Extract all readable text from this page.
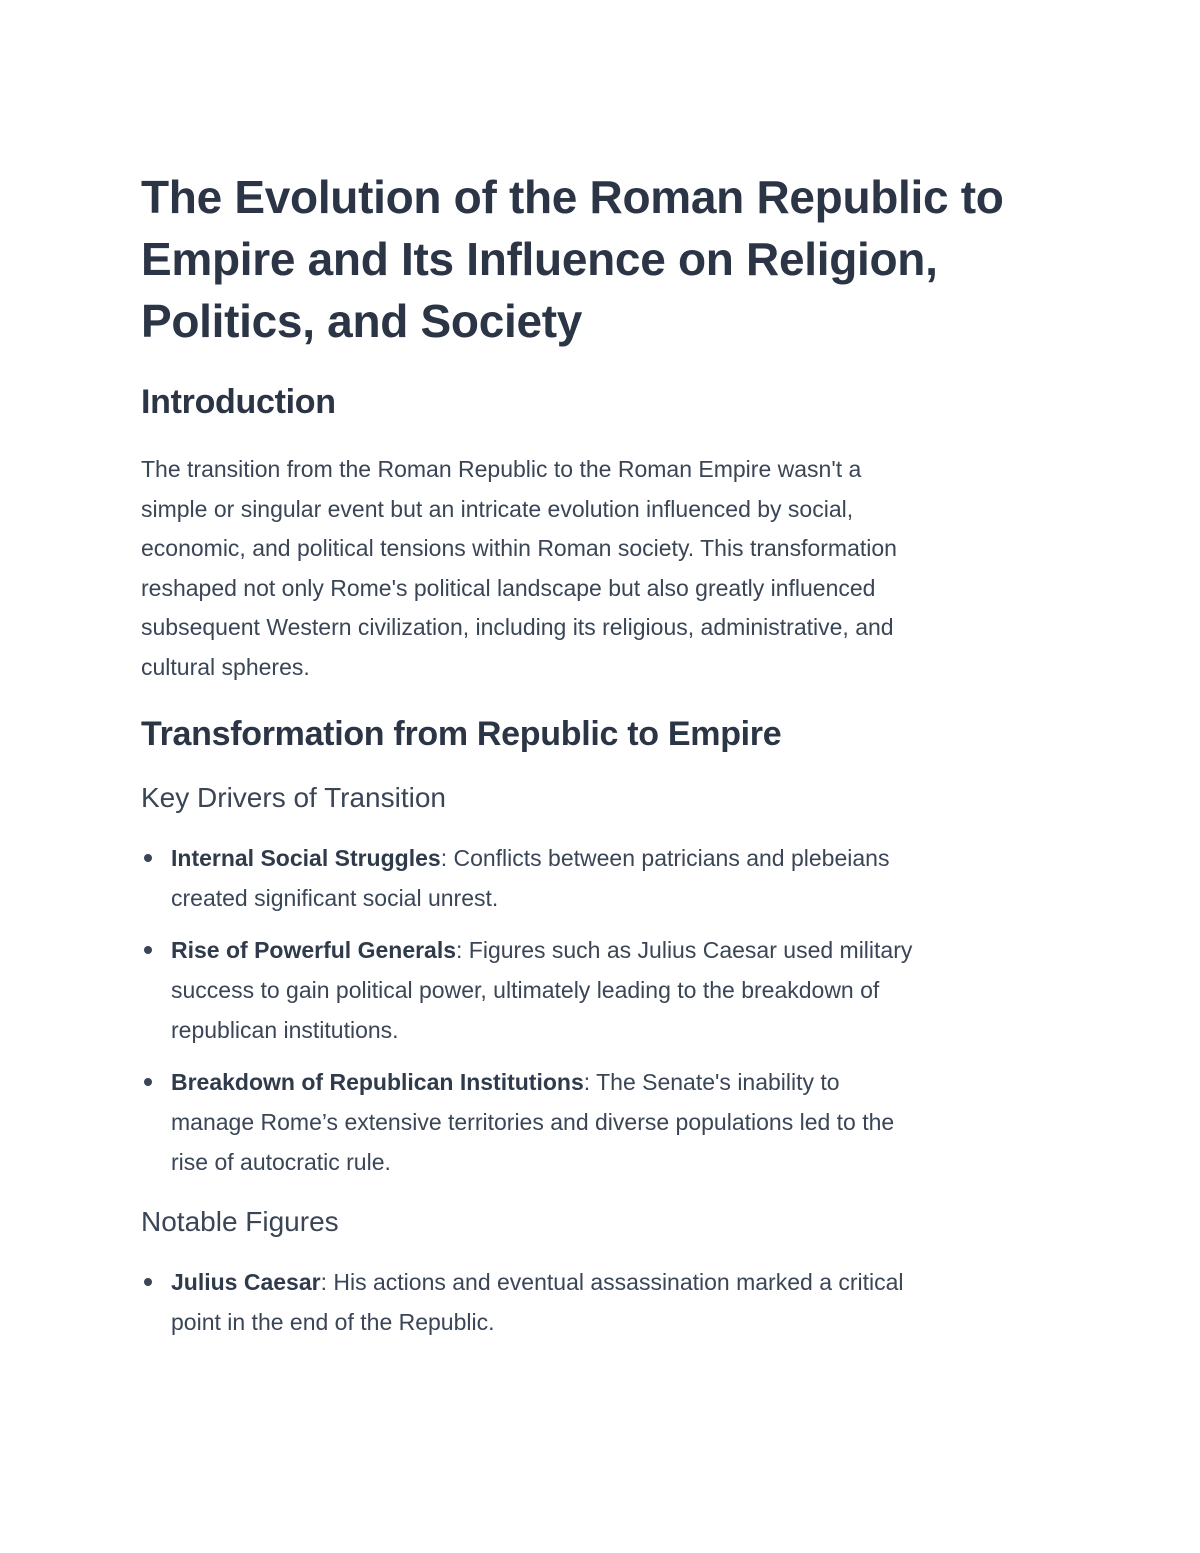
The Evolution of the Roman Republic to
Empire and Its Influence on Religion,
Politics, and Society
Introduction

The transition from the Roman Republic to the Roman Empire wasn't a
simple or singular event but an intricate evolution influenced by social,
economic, and political tensions within Roman society. This transformation
reshaped not only Rome's political landscape but also greatly influenced
subsequent Western civilization, including its religious, administrative, and
cultural spheres.

Transformation from Republic to Empire
Key Drivers of Transition
Internal Social Struggles: Conflicts between patricians and plebeians
created significant social unrest.
Rise of Powerful Generals: Figures such as Julius Caesar used military
success to gain political power, ultimately leading to the breakdown of
republican institutions.
Breakdown of Republican Institutions: The Senate's inability to
manage Rome’s extensive territories and diverse populations led to the
rise of autocratic rule.
Notable Figures
Julius Caesar: His actions and eventual assassination marked a critical
point in the end of the Republic.
